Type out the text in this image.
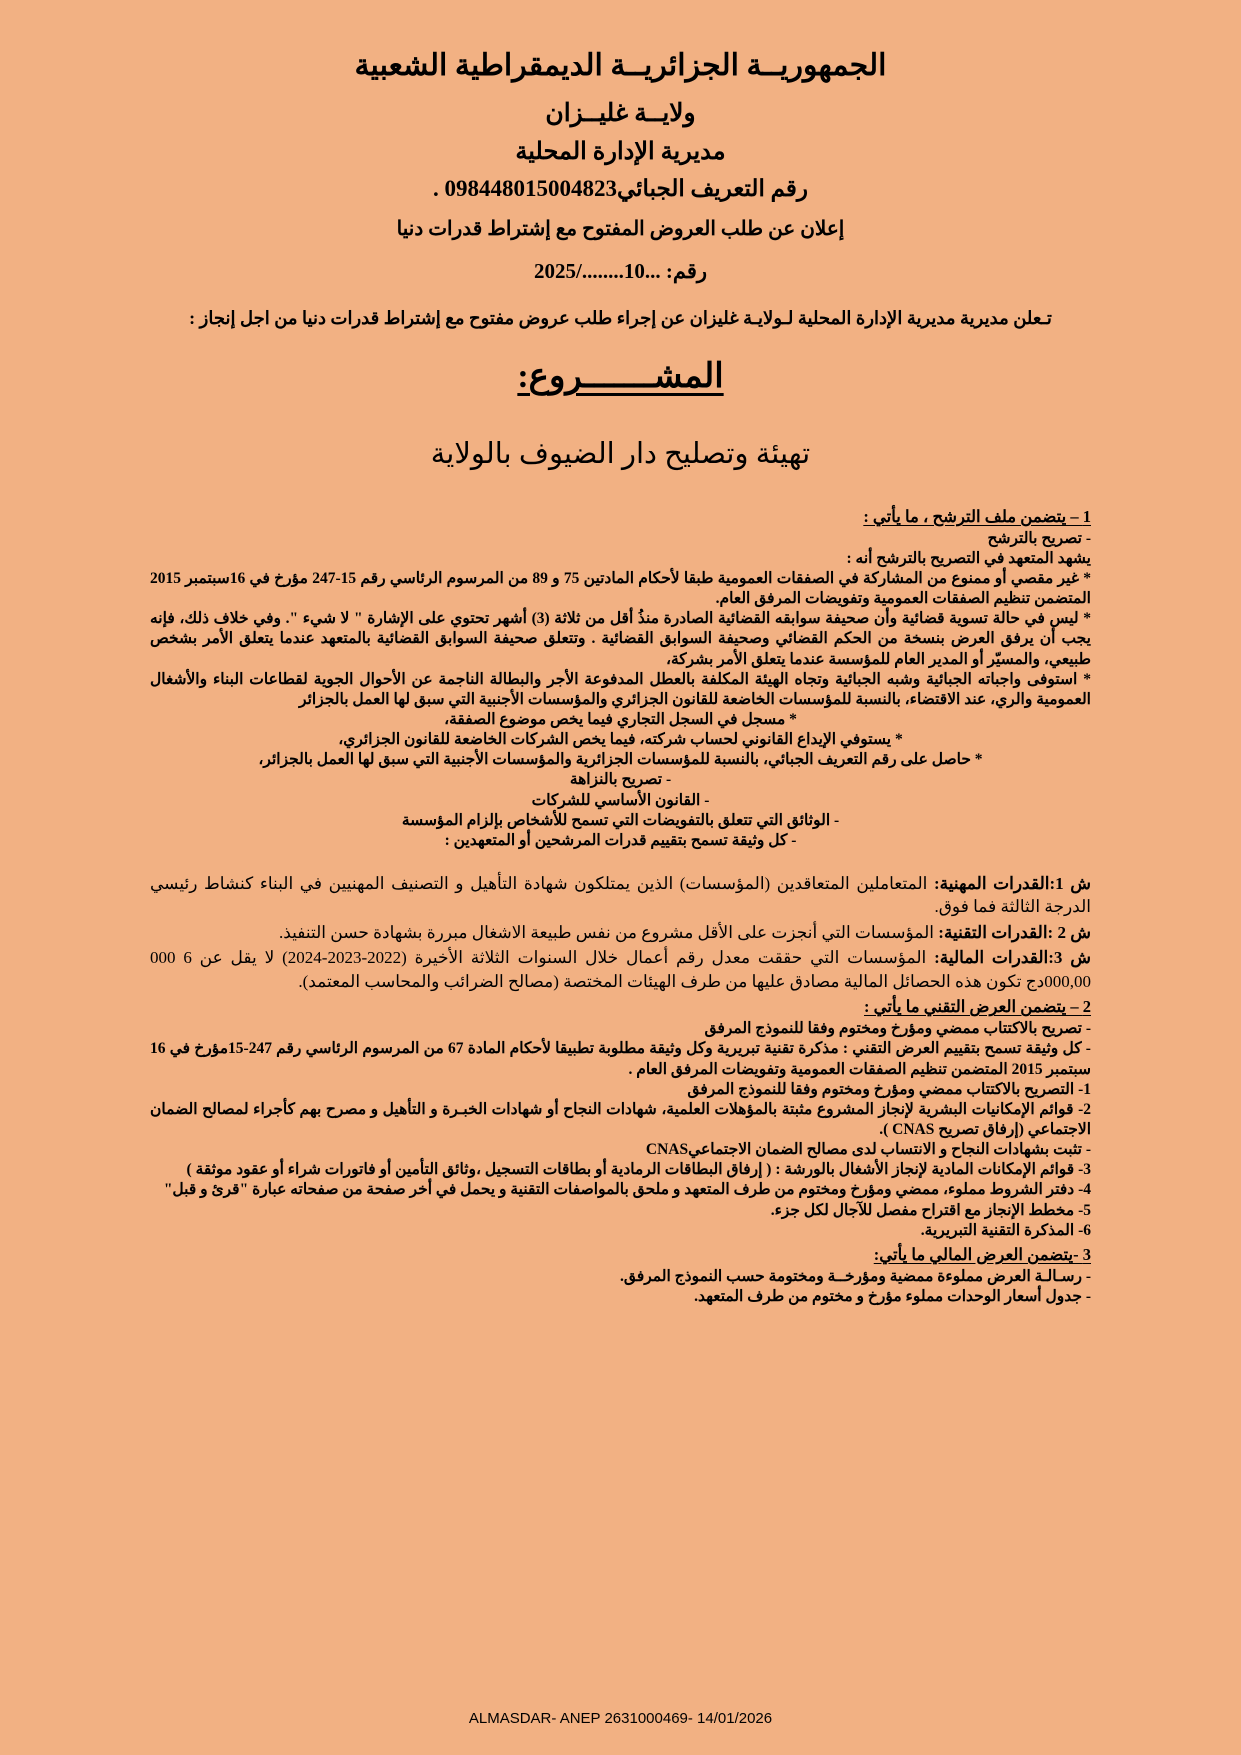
الجمهوريــة الجزائريــة الديمقراطية الشعبية
ولايــة غليــزان
مديرية الإدارة المحلية
رقم التعريف الجبائي098448015004823 .
إعلان عن طلب العروض المفتوح مع إشتراط قدرات دنيا
رقم: ...10......../2025
تـعلن مديرية مديرية الإدارة المحلية لـولايـة غليزان عن إجراء طلب عروض مفتوح مع إشتراط قدرات دنيا من اجل إنجاز :
المشـــــــروع:
تهيئة وتصليح دار الضيوف بالولاية
1 – يتضمن ملف الترشح ، ما يأتي :
- تصريح بالترشح
يشهد المتعهد في التصريح بالترشح أنه :
* غير مقصي أو ممنوع من المشاركة في الصفقات العمومية طبقا لأحكام المادتين 75 و 89 من المرسوم الرئاسي رقم 15-247 مؤرخ في 16سبتمبر 2015 المتضمن تنظيم الصفقات العمومية وتفويضات المرفق العام.
* ليس في حالة تسوية قضائية وأن صحيفة سوابقه القضائية الصادرة منذُ أقل من ثلاثة (3) أشهر تحتوي على الإشارة " لا شيء ". وفي خلاف ذلك، فإنه يجب أن يرفق العرض بنسخة من الحكم القضائي وصحيفة السوابق القضائية . وتتعلق صحيفة السوابق القضائية بالمتعهد عندما يتعلق الأمر بشخص طبيعي، والمسيّر أو المدير العام للمؤسسة عندما يتعلق الأمر بشركة،
* استوفى واجباته الجبائية وشبه الجبائية وتجاه الهيئة المكلفة بالعطل المدفوعة الأجر والبطالة الناجمة عن الأحوال الجوية لقطاعات البناء والأشغال العمومية والري، عند الاقتضاء، بالنسبة للمؤسسات الخاضعة للقانون الجزائري والمؤسسات الأجنبية التي سبق لها العمل بالجزائر
* مسجل في السجل التجاري فيما يخص موضوع الصفقة،
* يستوفي الإيداع القانوني لحساب شركته، فيما يخص الشركات الخاضعة للقانون الجزائري،
* حاصل على رقم التعريف الجبائي، بالنسبة للمؤسسات الجزائرية والمؤسسات الأجنبية التي سبق لها العمل بالجزائر،
- تصريح بالنزاهة
- القانون الأساسي للشركات
- الوثائق التي تتعلق بالتفويضات التي تسمح للأشخاص بإلزام المؤسسة
- كل وثيقة تسمح بتقييم قدرات المرشحين أو المتعهدين :
ش 1:القدرات المهنية: المتعاملين المتعاقدين (المؤسسات) الذين يمتلكون شهادة التأهيل و التصنيف المهنيين في البناء كنشاط رئيسي الدرجة الثالثة فما فوق.
ش 2 :القدرات التقنية: المؤسسات التي أنجزت على الأقل مشروع من نفس طبيعة الاشغال مبررة بشهادة حسن التنفيذ.
ش 3:القدرات المالية: المؤسسات التي حققت معدل رقم أعمال خلال السنوات الثلاثة الأخيرة (2022-2023-2024) لا يقل عن 6 000 000,00دج تكون هذه الحصائل المالية مصادق عليها من طرف الهيئات المختصة (مصالح الضرائب والمحاسب المعتمد).
2 – يتضمن العرض التقني ما يأتي :
- تصريح بالاكتتاب ممضي ومؤرخ ومختوم وفقا للنموذج المرفق
- كل وثيقة تسمح بتقييم العرض التقني : مذكرة تقنية تبريرية وكل وثيقة مطلوبة تطبيقا لأحكام المادة 67 من المرسوم الرئاسي رقم 247-15مؤرخ في 16 سبتمبر 2015 المتضمن تنظيم الصفقات العمومية وتفويضات المرفق العام .
1- التصريح بالاكتتاب ممضي ومؤرخ ومختوم وفقا للنموذج المرفق
2- قوائم الإمكانيات البشرية لإنجاز المشروع مثبتة بالمؤهلات العلمية، شهادات النجاح أو شهادات الخبـرة و التأهيل و مصرح بهم كأجراء لمصالح الضمان الاجتماعي (إرفاق تصريح CNAS ).
- تثبت بشهادات النجاح و الانتساب لدى مصالح الضمان الاجتماعيCNAS
3- قوائم الإمكانات المادية لإنجاز الأشغال بالورشة : ( إرفاق البطاقات الرمادية أو بطاقات التسجيل ،وثائق التأمين أو فاتورات شراء أو عقود موثقة )
4- دفتر الشروط مملوء، ممضي ومؤرخ ومختوم من طرف المتعهد و ملحق بالمواصفات التقنية و يحمل في أخر صفحة من صفحاته عبارة "قرئ و قبل"
5- مخطط الإنجاز مع اقتراح مفصل للآجال لكل جزء.
6- المذكرة التقنية التبريرية.
3 -يتضمن العرض المالي ما يأتي:
- رسـالـة العرض مملوءة ممضية ومؤرخــة ومختومة حسب النموذج المرفق.
- جدول أسعار الوحدات مملوء مؤرخ و مختوم من طرف المتعهد.
ALMASDAR- ANEP 2631000469- 14/01/2026
